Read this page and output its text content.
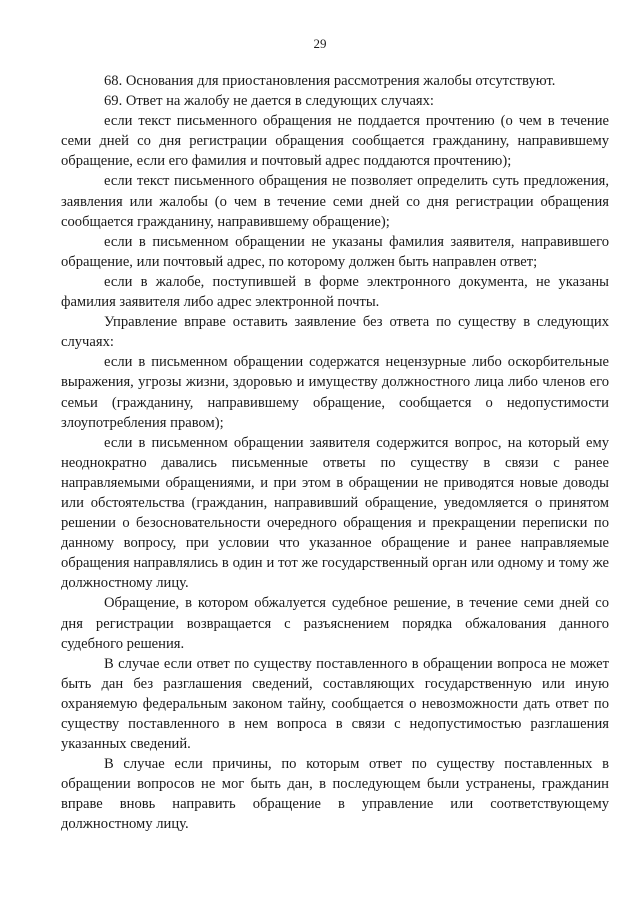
29

68. Основания для приостановления рассмотрения жалобы отсутствуют.

69. Ответ на жалобу не дается в следующих случаях:

если текст письменного обращения не поддается прочтению (о чем в течение семи дней со дня регистрации обращения сообщается гражданину, направившему обращение, если его фамилия и почтовый адрес поддаются прочтению);

если текст письменного обращения не позволяет определить суть предложения, заявления или жалобы (о чем в течение семи дней со дня регистрации обращения сообщается гражданину, направившему обращение);

если в письменном обращении не указаны фамилия заявителя, направившего обращение, или почтовый адрес, по которому должен быть направлен ответ;

если в жалобе, поступившей в форме электронного документа, не указаны фамилия заявителя либо адрес электронной почты.

Управление вправе оставить заявление без ответа по существу в следующих случаях:

если в письменном обращении содержатся нецензурные либо оскорбительные выражения, угрозы жизни, здоровью и имуществу должностного лица либо членов его семьи (гражданину, направившему обращение, сообщается о недопустимости злоупотребления правом);

если в письменном обращении заявителя содержится вопрос, на который ему неоднократно давались письменные ответы по существу в связи с ранее направляемыми обращениями, и при этом в обращении не приводятся новые доводы или обстоятельства (гражданин, направивший обращение, уведомляется о принятом решении о безосновательности очередного обращения и прекращении переписки по данному вопросу, при условии что указанное обращение и ранее направляемые обращения направлялись в один и тот же государственный орган или одному и тому же должностному лицу.

Обращение, в котором обжалуется судебное решение, в течение семи дней со дня регистрации возвращается с разъяснением порядка обжалования данного судебного решения.

В случае если ответ по существу поставленного в обращении вопроса не может быть дан без разглашения сведений, составляющих государственную или иную охраняемую федеральным законом тайну, сообщается о невозможности дать ответ по существу поставленного в нем вопроса в связи с недопустимостью разглашения указанных сведений.

В случае если причины, по которым ответ по существу поставленных в обращении вопросов не мог быть дан, в последующем были устранены, гражданин вправе вновь направить обращение в управление или соответствующему должностному лицу.
